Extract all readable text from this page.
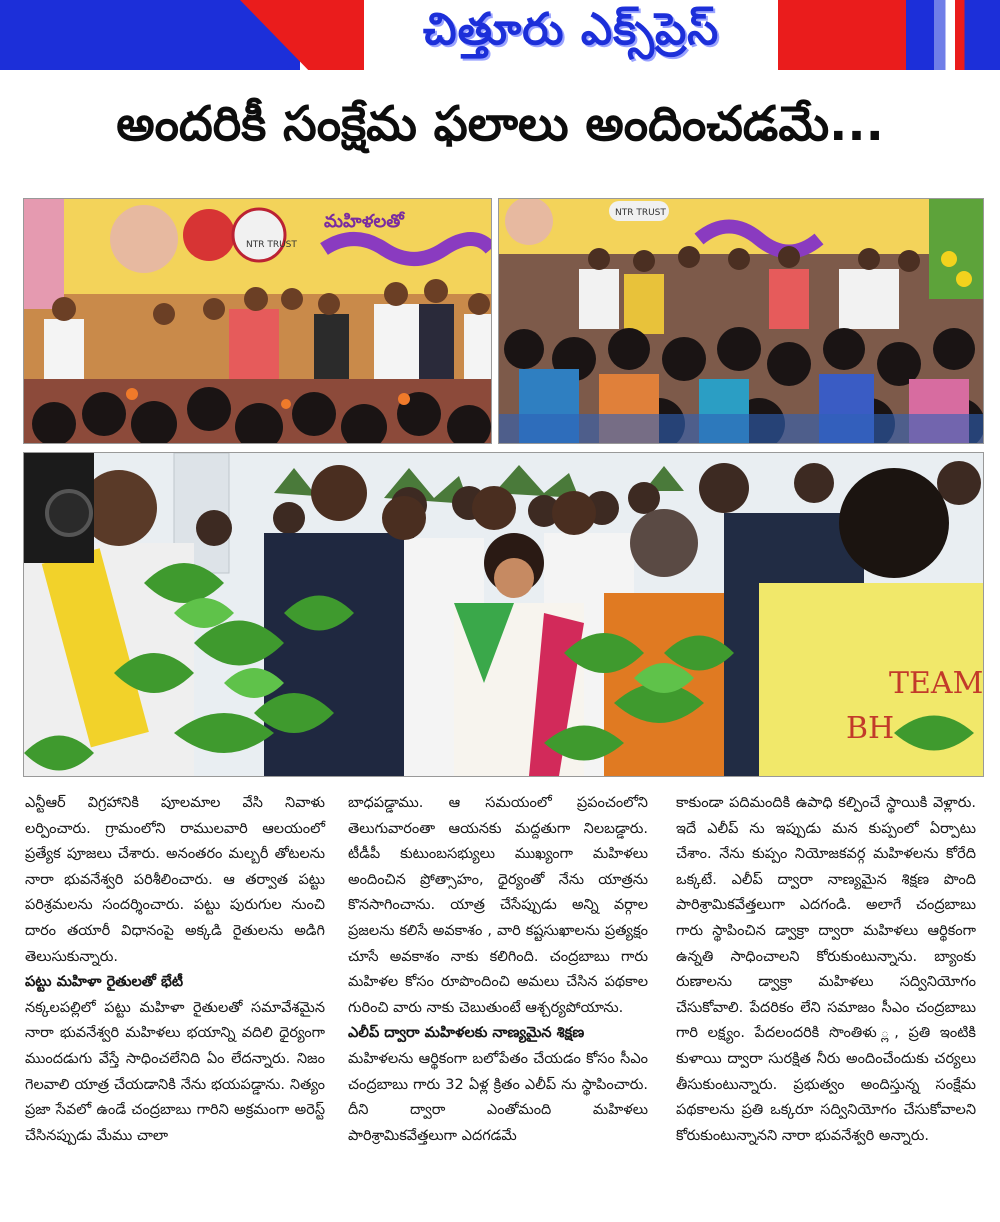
చిత్తూరు ఎక్స్‌ప్రెస్
అందరికీ సంక్షేమ ఫలాలు అందించడమే...
NTR TRUST
మహిళలతో	NTR TRUST
TEAM
BH

ఎన్టీఆర్ విగ్రహానికి పూలమాల వేసి నివాళు లర్పించారు. గ్రామంలోని రాములవారి ఆలయంలో ప్రత్యేక పూజలు చేశారు. అనంతరం మల్బరీ తోటలను నారా భువనేశ్వరి పరిశీలించారు. ఆ తర్వాత పట్టు పరిశ్రమలను సందర్శించారు. పట్టు పురుగుల నుంచి దారం తయారీ విధానంపై అక్కడి రైతులను అడిగి తెలుసుకున్నారు.

పట్టు మహిళా రైతులతో భేటీ

నక్కలపల్లిలో పట్టు మహిళా రైతులతో సమావేశమైన నారా భువనేశ్వరి మహిళలు భయాన్ని వదిలి ధైర్యంగా ముందడుగు వేస్తే సాధించలేనిది ఏం లేదన్నారు. నిజం గెలవాలి యాత్ర చేయడానికి నేను భయపడ్డాను. నిత్యం ప్రజా సేవలో ఉండే చంద్రబాబు గారిని అక్రమంగా అరెస్ట్ చేసినప్పుడు మేము చాలా

బాధపడ్డాము. ఆ సమయంలో ప్రపంచంలోని తెలుగువారంతా ఆయనకు మద్దతుగా నిలబడ్డారు. టీడీపీ కుటుంబసభ్యులు ముఖ్యంగా మహిళలు అందించిన ప్రోత్సాహం, ధైర్యంతో నేను యాత్రను కొనసాగించాను. యాత్ర చేసేప్పుడు అన్ని వర్గాల ప్రజలను కలిసే అవకాశం , వారి కష్టసుఖాలను ప్రత్యక్షం చూసే అవకాశం నాకు కలిగింది. చంద్రబాబు గారు మహిళల కోసం రూపొందించి అమలు చేసిన పథకాల గురించి వారు నాకు చెబుతుంటే ఆశ్చర్యపోయాను.

ఎలీప్ ద్వారా మహిళలకు నాణ్యమైన శిక్షణ

మహిళలను ఆర్థికంగా బలోపేతం చేయడం కోసం సీఎం చంద్రబాబు గారు 32 ఏళ్ల క్రితం ఎలీప్ ను స్థాపించారు. దీని ద్వారా ఎంతోమంది మహిళలు పారిశ్రామికవేత్తలుగా ఎదగడమే

కాకుండా పదిమందికి ఉపాధి కల్పించే స్థాయికి వెళ్లారు. ఇదే ఎలీప్ ను ఇప్పుడు మన కుప్పంలో ఏర్పాటు చేశాం. నేను కుప్పం నియోజకవర్గ మహిళలను కోరేది ఒక్కటే. ఎలీప్ ద్వారా నాణ్యమైన శిక్షణ పొంది పారిశ్రామికవేత్తలుగా ఎదగండి. అలాగే చంద్రబాబు గారు స్థాపించిన డ్వాక్రా ద్వారా మహిళలు ఆర్థికంగా ఉన్నతి సాధించాలని కోరుకుంటున్నాను. బ్యాంకు రుణాలను డ్వాక్రా మహిళలు సద్వినియోగం చేసుకోవాలి. పేదరికం లేని సమాజం సీఎం చంద్రబాబు గారి లక్ష్యం. పేదలందరికి సొంతిళు ్ల, ప్రతి ఇంటికి కుళాయి ద్వారా సురక్షిత నీరు అందించేందుకు చర్యలు తీసుకుంటున్నారు. ప్రభుత్వం అందిస్తున్న సంక్షేమ పథకాలను ప్రతి ఒక్కరూ సద్వినియోగం చేసుకోవాలని కోరుకుంటున్నానని నారా భువనేశ్వరి అన్నారు.
